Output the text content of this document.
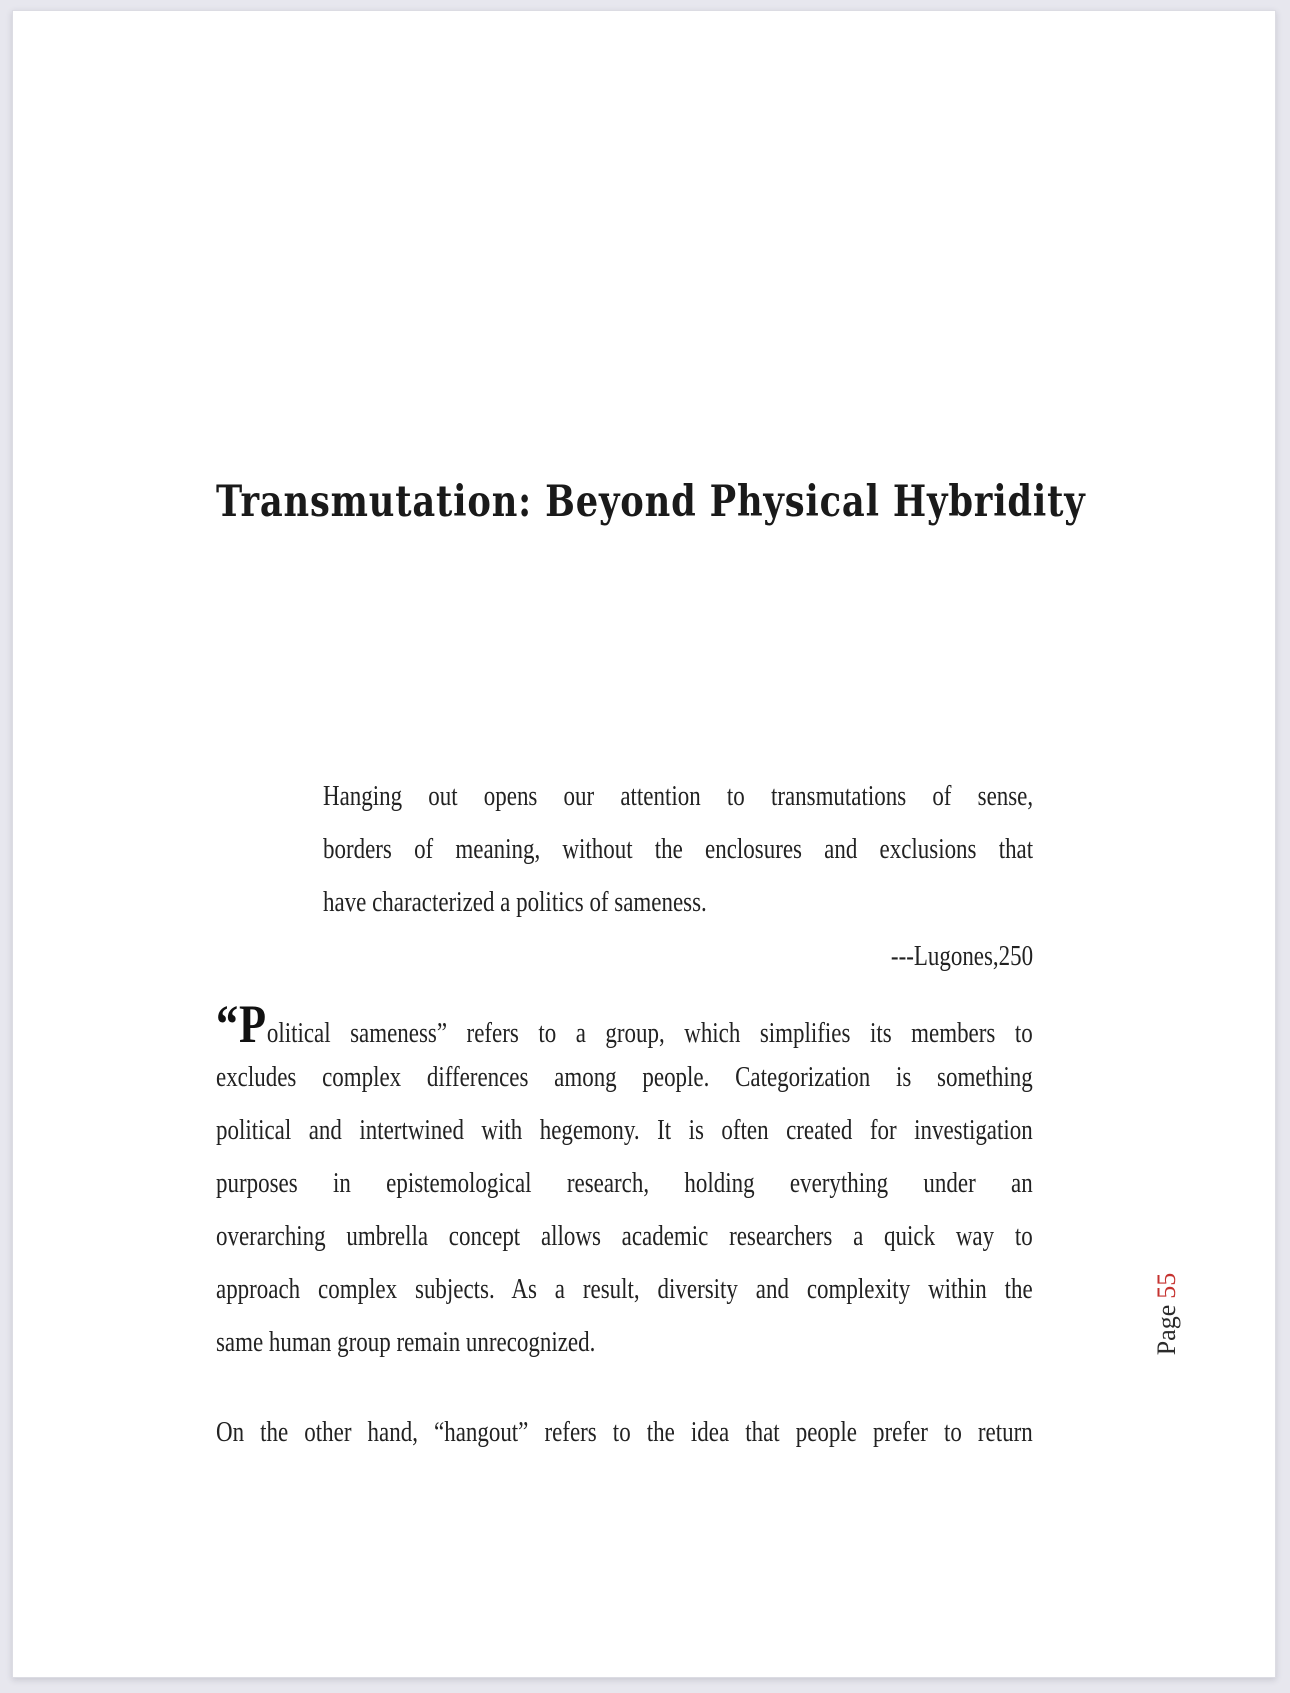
Transmutation: Beyond Physical Hybridity
Hanging out opens our attention to transmutations of sense,
borders of meaning, without the enclosures and exclusions that
have characterized a politics of sameness.
---Lugones,250
“Political sameness” refers to a group, which simplifies its members to
excludes complex differences among people. Categorization is something
political and intertwined with hegemony. It is often created for investigation
purposes in epistemological research, holding everything under an
overarching umbrella concept allows academic researchers a quick way to
approach complex subjects. As a result, diversity and complexity within the
same human group remain unrecognized.
On the other hand, “hangout” refers to the idea that people prefer to return
Page55
